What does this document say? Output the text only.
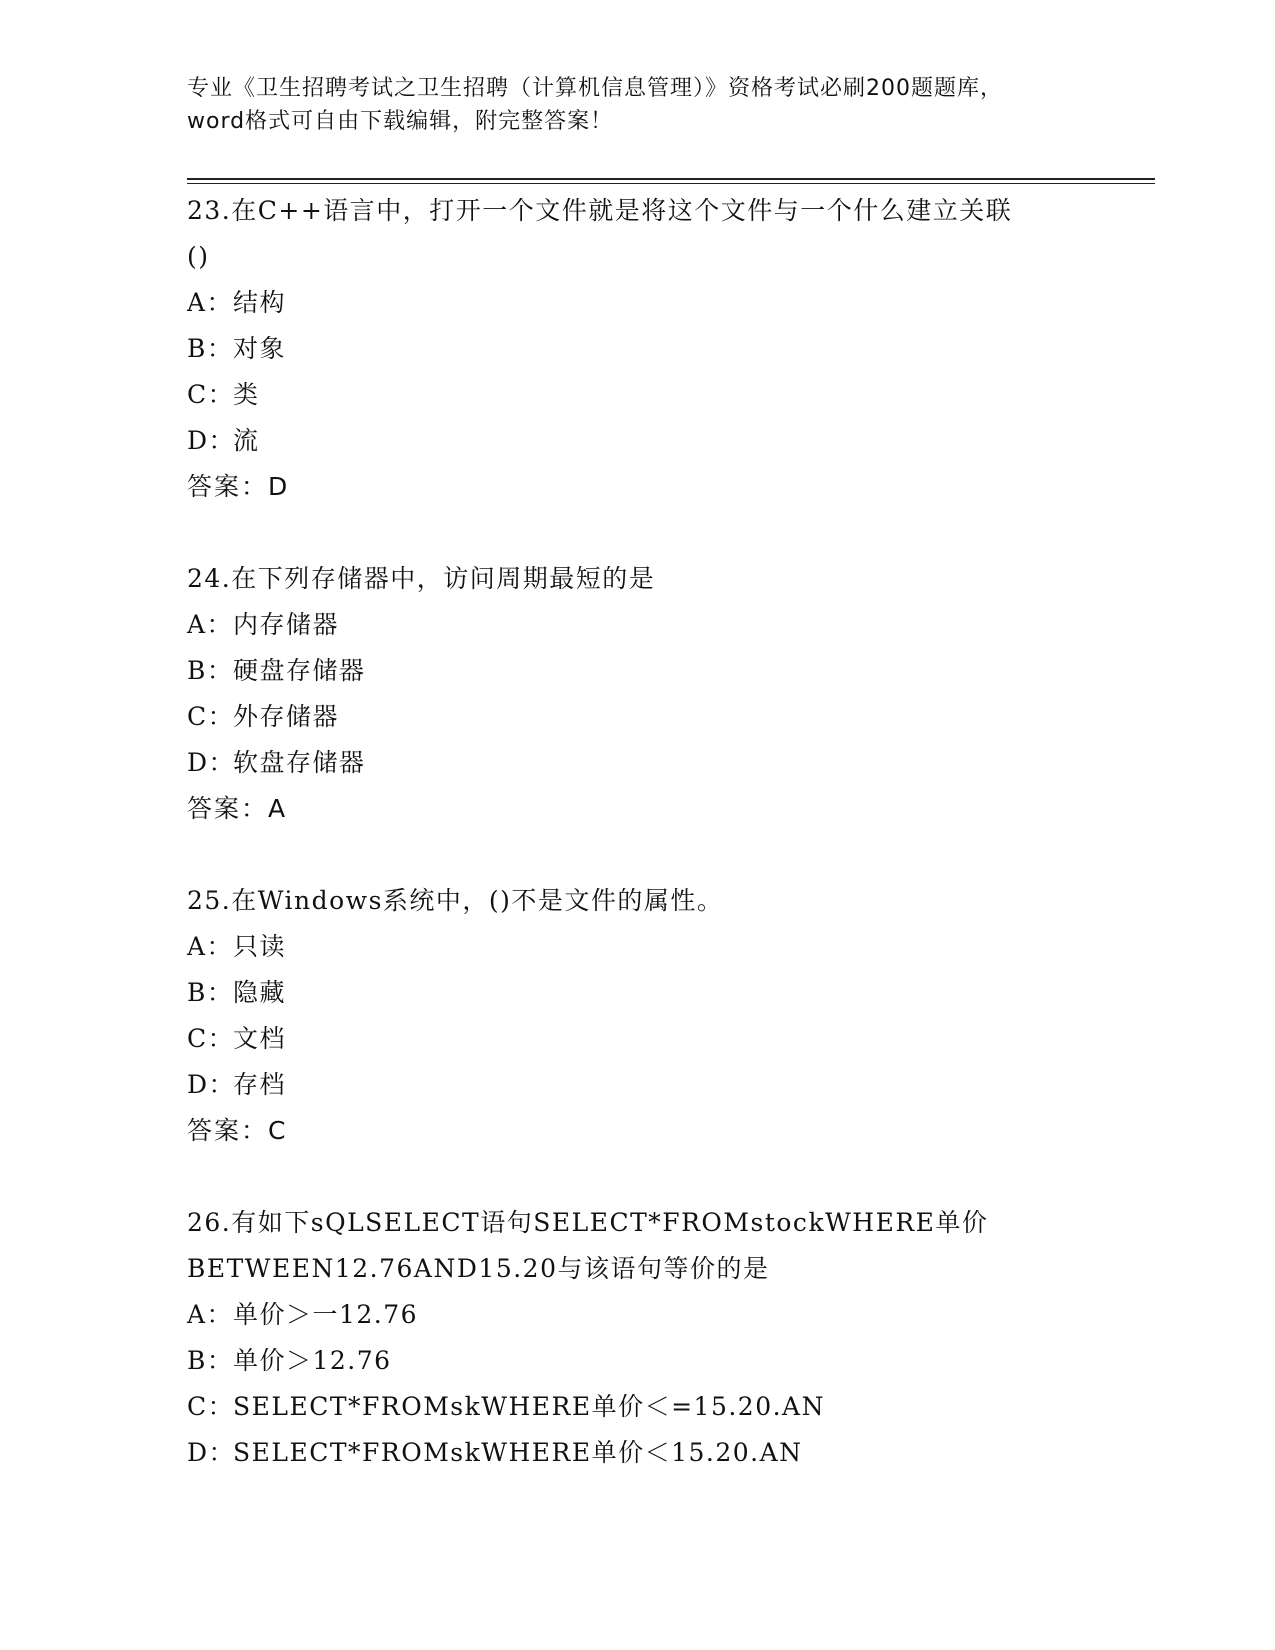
专业《卫生招聘考试之卫生招聘（计算机信息管理）》资格考试必刷200题题库，
word格式可自由下载编辑，附完整答案！
23.在C++语言中，打开一个文件就是将这个文件与一个什么建立关联
()
A：结构
B：对象
C：类
D：流
答案：D
24.在下列存储器中，访问周期最短的是
A：内存储器
B：硬盘存储器
C：外存储器
D：软盘存储器
答案：A
25.在Windows系统中，()不是文件的属性。
A：只读
B：隐藏
C：文档
D：存档
答案：C
26.有如下sQLSELECT语句SELECT*FROMstockWHERE单价
BETWEEN12.76AND15.20与该语句等价的是
A：单价＞一12.76
B：单价＞12.76
C：SELECT*FROMskWHERE单价＜=15.20.AN
D：SELECT*FROMskWHERE单价＜15.20.AN
